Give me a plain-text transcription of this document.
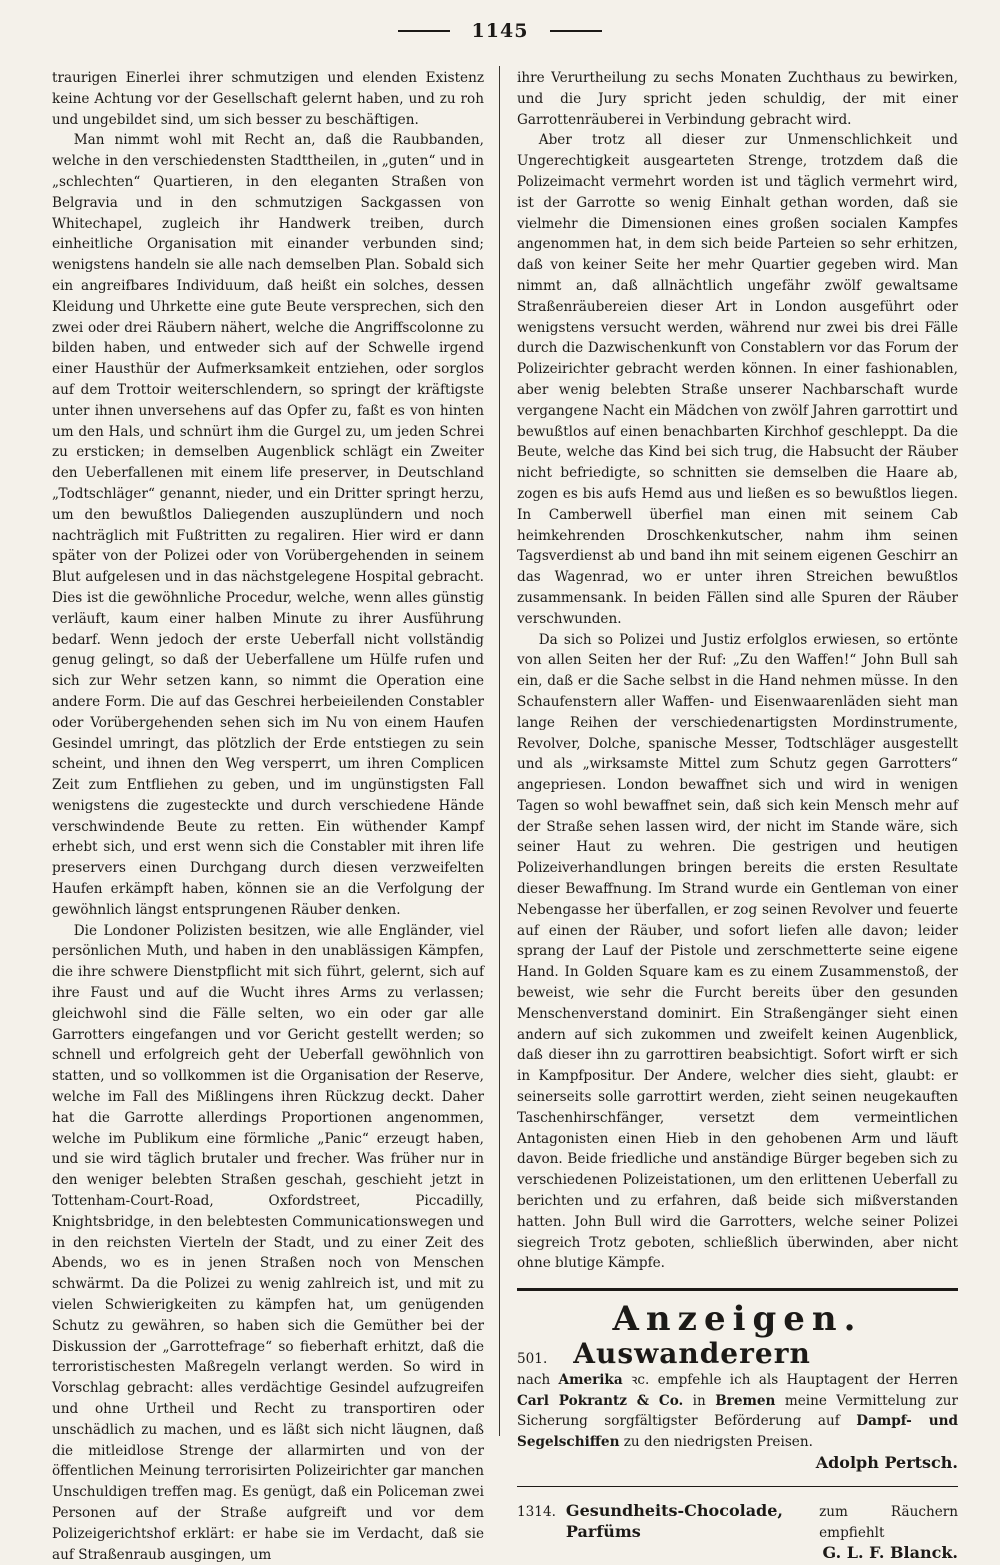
1145

traurigen Einerlei ihrer schmutzigen und elenden Existenz keine Achtung vor der Gesellschaft gelernt haben, und zu roh und ungebildet sind, um sich besser zu beschäftigen.

Man nimmt wohl mit Recht an, daß die Raubbanden, welche in den verschiedensten Stadttheilen, in „guten“ und in „schlechten“ Quartieren, in den eleganten Straßen von Belgravia und in den schmutzigen Sackgassen von Whitechapel, zugleich ihr Handwerk treiben, durch einheitliche Organisation mit einander verbunden sind; wenigstens handeln sie alle nach demselben Plan. Sobald sich ein angreifbares Individuum, daß heißt ein solches, dessen Kleidung und Uhrkette eine gute Beute versprechen, sich den zwei oder drei Räubern nähert, welche die Angriffscolonne zu bilden haben, und entweder sich auf der Schwelle irgend einer Hausthür der Aufmerksamkeit entziehen, oder sorglos auf dem Trottoir weiterschlendern, so springt der kräftigste unter ihnen unversehens auf das Opfer zu, faßt es von hinten um den Hals, und schnürt ihm die Gurgel zu, um jeden Schrei zu ersticken; in demselben Augenblick schlägt ein Zweiter den Ueberfallenen mit einem life preserver, in Deutschland „Todtschläger“ genannt, nieder, und ein Dritter springt herzu, um den bewußtlos Daliegenden auszuplündern und noch nachträglich mit Fußtritten zu regaliren. Hier wird er dann später von der Polizei oder von Vorübergehenden in seinem Blut aufgelesen und in das nächstgelegene Hospital gebracht. Dies ist die gewöhnliche Procedur, welche, wenn alles günstig verläuft, kaum einer halben Minute zu ihrer Ausführung bedarf. Wenn jedoch der erste Ueberfall nicht vollständig genug gelingt, so daß der Ueberfallene um Hülfe rufen und sich zur Wehr setzen kann, so nimmt die Operation eine andere Form. Die auf das Geschrei herbeieilenden Constabler oder Vorübergehenden sehen sich im Nu von einem Haufen Gesindel umringt, das plötzlich der Erde entstiegen zu sein scheint, und ihnen den Weg versperrt, um ihren Complicen Zeit zum Entfliehen zu geben, und im ungünstigsten Fall wenigstens die zugesteckte und durch verschiedene Hände verschwindende Beute zu retten. Ein wüthender Kampf erhebt sich, und erst wenn sich die Constabler mit ihren life preservers einen Durchgang durch diesen verzweifelten Haufen erkämpft haben, können sie an die Verfolgung der gewöhnlich längst entsprungenen Räuber denken.

Die Londoner Polizisten besitzen, wie alle Engländer, viel persönlichen Muth, und haben in den unablässigen Kämpfen, die ihre schwere Dienstpflicht mit sich führt, gelernt, sich auf ihre Faust und auf die Wucht ihres Arms zu verlassen; gleichwohl sind die Fälle selten, wo ein oder gar alle Garrotters eingefangen und vor Gericht gestellt werden; so schnell und erfolgreich geht der Ueberfall gewöhnlich von statten, und so vollkommen ist die Organisation der Reserve, welche im Fall des Mißlingens ihren Rückzug deckt. Daher hat die Garrotte allerdings Proportionen angenommen, welche im Publikum eine förmliche „Panic“ erzeugt haben, und sie wird täglich brutaler und frecher. Was früher nur in den weniger belebten Straßen geschah, geschieht jetzt in Tottenham-Court-Road, Oxfordstreet, Piccadilly, Knightsbridge, in den belebtesten Communicationswegen und in den reichsten Vierteln der Stadt, und zu einer Zeit des Abends, wo es in jenen Straßen noch von Menschen schwärmt. Da die Polizei zu wenig zahlreich ist, und mit zu vielen Schwierigkeiten zu kämpfen hat, um genügenden Schutz zu gewähren, so haben sich die Gemüther bei der Diskussion der „Garrottefrage“ so fieberhaft erhitzt, daß die terroristischesten Maßregeln verlangt werden. So wird in Vorschlag gebracht: alles verdächtige Gesindel aufzugreifen und ohne Urtheil und Recht zu transportiren oder unschädlich zu machen, und es läßt sich nicht läugnen, daß die mitleidlose Strenge der allarmirten und von der öffentlichen Meinung terrorisirten Polizeirichter gar manchen Unschuldigen treffen mag. Es genügt, daß ein Policeman zwei Personen auf der Straße aufgreift und vor dem Polizeigerichtshof erklärt: er habe sie im Verdacht, daß sie auf Straßenraub ausgingen, um

ihre Verurtheilung zu sechs Monaten Zuchthaus zu bewirken, und die Jury spricht jeden schuldig, der mit einer Garrottenräuberei in Verbindung gebracht wird.

Aber trotz all dieser zur Unmenschlichkeit und Ungerechtigkeit ausgearteten Strenge, trotzdem daß die Polizeimacht vermehrt worden ist und täglich vermehrt wird, ist der Garrotte so wenig Einhalt gethan worden, daß sie vielmehr die Dimensionen eines großen socialen Kampfes angenommen hat, in dem sich beide Parteien so sehr erhitzen, daß von keiner Seite her mehr Quartier gegeben wird. Man nimmt an, daß allnächtlich ungefähr zwölf gewaltsame Straßenräubereien dieser Art in London ausgeführt oder wenigstens versucht werden, während nur zwei bis drei Fälle durch die Dazwischenkunft von Constablern vor das Forum der Polizeirichter gebracht werden können. In einer fashionablen, aber wenig belebten Straße unserer Nachbarschaft wurde vergangene Nacht ein Mädchen von zwölf Jahren garrottirt und bewußtlos auf einen benachbarten Kirchhof geschleppt. Da die Beute, welche das Kind bei sich trug, die Habsucht der Räuber nicht befriedigte, so schnitten sie demselben die Haare ab, zogen es bis aufs Hemd aus und ließen es so bewußtlos liegen. In Camberwell überfiel man einen mit seinem Cab heimkehrenden Droschkenkutscher, nahm ihm seinen Tagsverdienst ab und band ihn mit seinem eigenen Geschirr an das Wagenrad, wo er unter ihren Streichen bewußtlos zusammensank. In beiden Fällen sind alle Spuren der Räuber verschwunden.

Da sich so Polizei und Justiz erfolglos erwiesen, so ertönte von allen Seiten her der Ruf: „Zu den Waffen!“ John Bull sah ein, daß er die Sache selbst in die Hand nehmen müsse. In den Schaufenstern aller Waffen- und Eisenwaarenläden sieht man lange Reihen der verschiedenartigsten Mordinstrumente, Revolver, Dolche, spanische Messer, Todtschläger ausgestellt und als „wirksamste Mittel zum Schutz gegen Garrotters“ angepriesen. London bewaffnet sich und wird in wenigen Tagen so wohl bewaffnet sein, daß sich kein Mensch mehr auf der Straße sehen lassen wird, der nicht im Stande wäre, sich seiner Haut zu wehren. Die gestrigen und heutigen Polizeiverhandlungen bringen bereits die ersten Resultate dieser Bewaffnung. Im Strand wurde ein Gentleman von einer Nebengasse her überfallen, er zog seinen Revolver und feuerte auf einen der Räuber, und sofort liefen alle davon; leider sprang der Lauf der Pistole und zerschmetterte seine eigene Hand. In Golden Square kam es zu einem Zusammenstoß, der beweist, wie sehr die Furcht bereits über den gesunden Menschenverstand dominirt. Ein Straßengänger sieht einen andern auf sich zukommen und zweifelt keinen Augenblick, daß dieser ihn zu garrottiren beabsichtigt. Sofort wirft er sich in Kampfpositur. Der Andere, welcher dies sieht, glaubt: er seinerseits solle garrottirt werden, zieht seinen neugekauften Taschenhirschfänger, versetzt dem vermeintlichen Antagonisten einen Hieb in den gehobenen Arm und läuft davon. Beide friedliche und anständige Bürger begeben sich zu verschiedenen Polizeistationen, um den erlittenen Ueberfall zu berichten und zu erfahren, daß beide sich mißverstanden hatten. John Bull wird die Garrotters, welche seiner Polizei siegreich Trotz geboten, schließlich überwinden, aber nicht ohne blutige Kämpfe.

Anzeigen.
501. Auswanderern
nach Amerika ꝛc. empfehle ich als Hauptagent der Herren Carl Pokrantz & Co. in Bremen meine Vermittelung zur Sicherung sorgfältigster Beförderung auf Dampf- und Segelschiffen zu den niedrigsten Preisen.
Adolph Pertsch.
1314. Gesundheits-Chocolade, Parfüms
zum Räuchern empfiehlt
G. L. F. Blanck.
